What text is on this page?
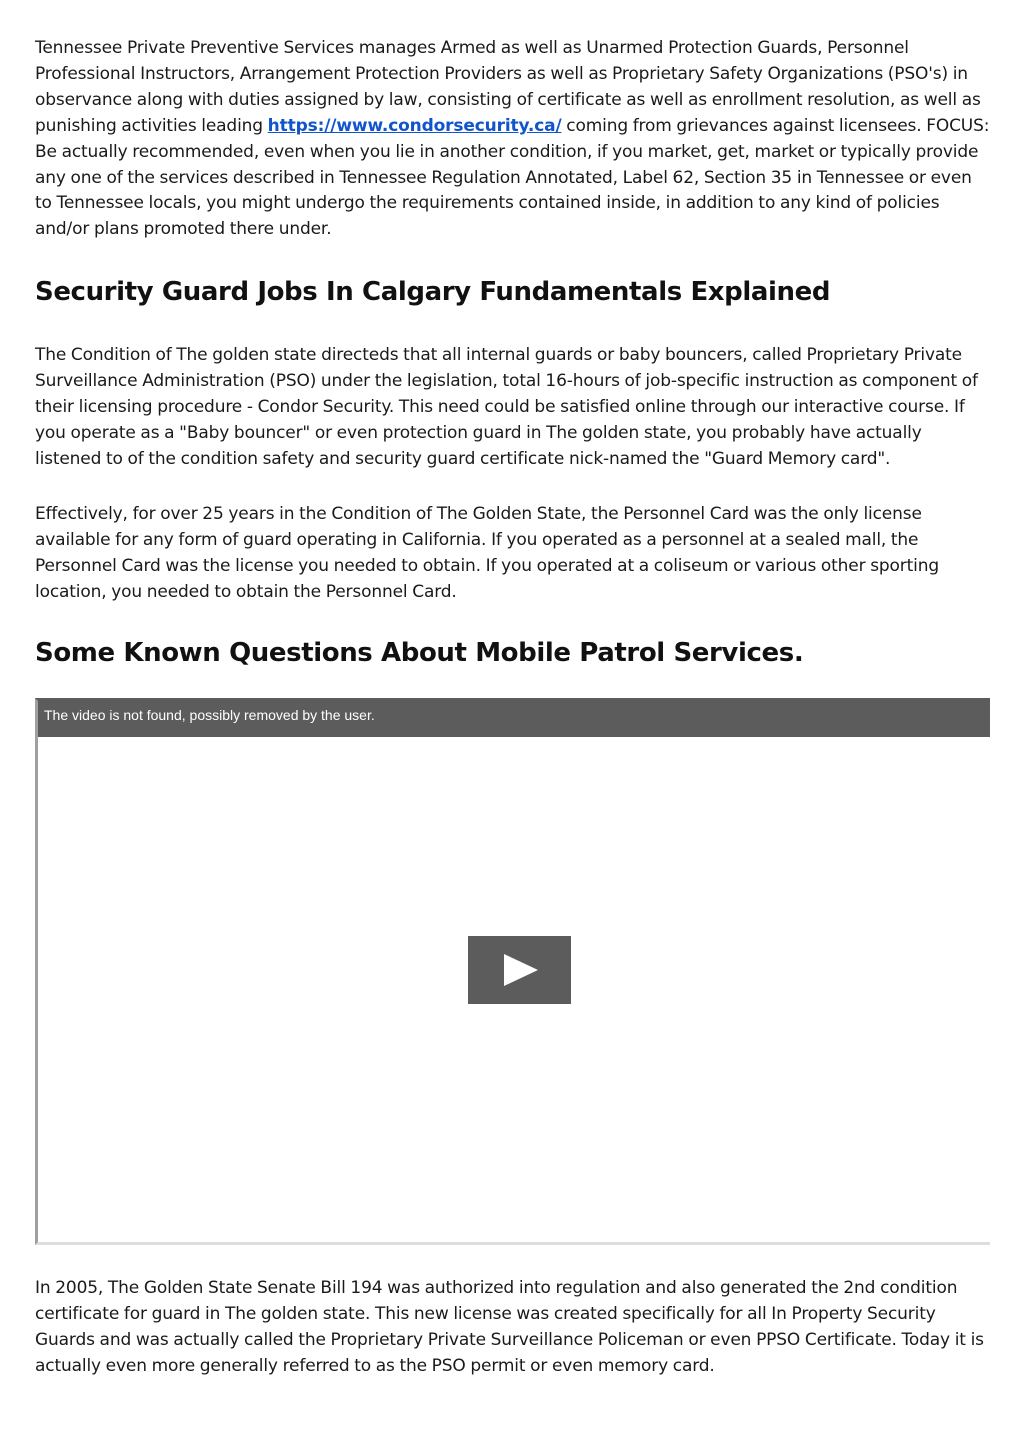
Tennessee Private Preventive Services manages Armed as well as Unarmed Protection Guards, Personnel Professional Instructors, Arrangement Protection Providers as well as Proprietary Safety Organizations (PSO's) in observance along with duties assigned by law, consisting of certificate as well as enrollment resolution, as well as punishing activities leading https://www.condorsecurity.ca/ coming from grievances against licensees. FOCUS: Be actually recommended, even when you lie in another condition, if you market, get, market or typically provide any one of the services described in Tennessee Regulation Annotated, Label 62, Section 35 in Tennessee or even to Tennessee locals, you might undergo the requirements contained inside, in addition to any kind of policies and/or plans promoted there under.

Security Guard Jobs In Calgary Fundamentals Explained

The Condition of The golden state directeds that all internal guards or baby bouncers, called Proprietary Private Surveillance Administration (PSO) under the legislation, total 16-hours of job-specific instruction as component of their licensing procedure - Condor Security. This need could be satisfied online through our interactive course. If you operate as a "Baby bouncer" or even protection guard in The golden state, you probably have actually listened to of the condition safety and security guard certificate nick-named the "Guard Memory card".

Effectively, for over 25 years in the Condition of The Golden State, the Personnel Card was the only license available for any form of guard operating in California. If you operated as a personnel at a sealed mall, the Personnel Card was the license you needed to obtain. If you operated at a coliseum or various other sporting location, you needed to obtain the Personnel Card.

Some Known Questions About Mobile Patrol Services.
The video is not found, possibly removed by the user.

In 2005, The Golden State Senate Bill 194 was authorized into regulation and also generated the 2nd condition certificate for guard in The golden state. This new license was created specifically for all In Property Security Guards and was actually called the Proprietary Private Surveillance Policeman or even PPSO Certificate. Today it is actually even more generally referred to as the PSO permit or even memory card.
